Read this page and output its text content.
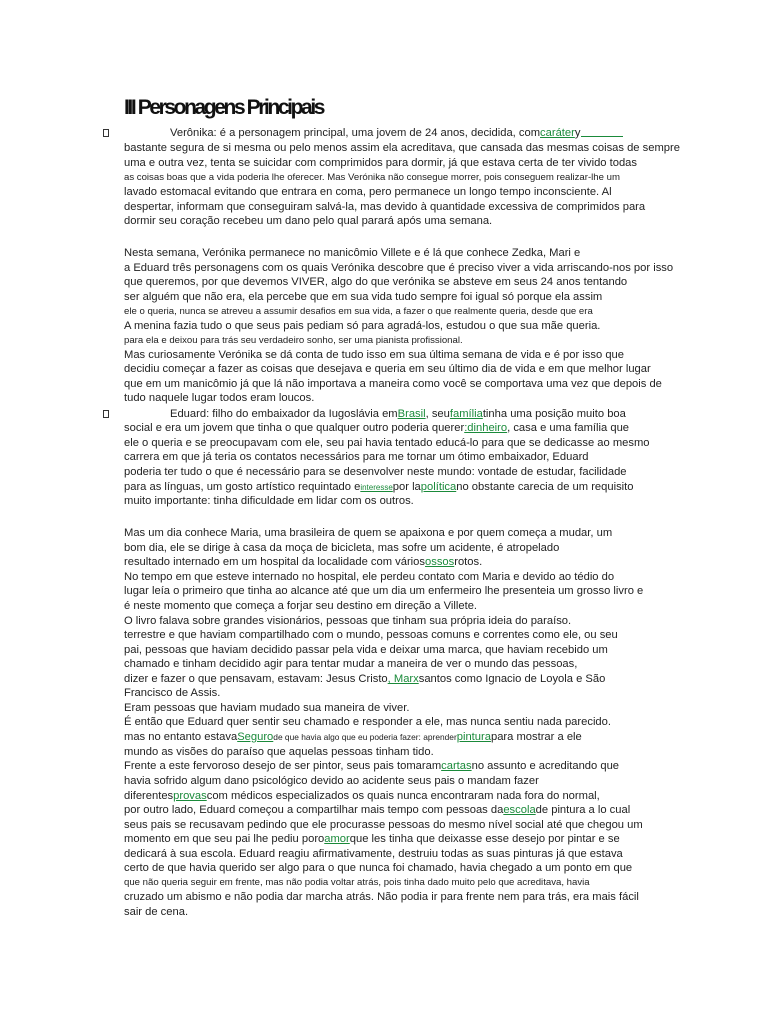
III Personagens Principais
Verônika: é a personagem principal, uma jovem de 24 anos, decidida, comcarátery
bastante segura de si mesma ou pelo menos assim ela acreditava, que cansada das mesmas coisas de sempre
uma e outra vez, tenta se suicidar com comprimidos para dormir, já que estava certa de ter vivido todas
as coisas boas que a vida poderia lhe oferecer. Mas Verónika não consegue morrer, pois conseguem realizar-lhe um
lavado estomacal evitando que entrara en coma, pero permanece un longo tempo inconsciente. Al
despertar, informam que conseguiram salvá-la, mas devido à quantidade excessiva de comprimidos para
dormir seu coração recebeu um dano pelo qual parará após uma semana.
Nesta semana, Verónika permanece no manicômio Villete e é lá que conhece Zedka, Mari e
a Eduard três personagens com os quais Verónika descobre que é preciso viver a vida arriscando-nos por isso
que queremos, por que devemos VIVER, algo do que verónika se absteve em seus 24 anos tentando
ser alguém que não era, ela percebe que em sua vida tudo sempre foi igual só porque ela assim
ele o queria, nunca se atreveu a assumir desafios em sua vida, a fazer o que realmente queria, desde que era
A menina fazia tudo o que seus pais pediam só para agradá-los, estudou o que sua mãe queria.
para ela e deixou para trás seu verdadeiro sonho, ser uma pianista profissional.
Mas curiosamente Verónika se dá conta de tudo isso em sua última semana de vida e é por isso que
decidiu começar a fazer as coisas que desejava e queria em seu último dia de vida e em que melhor lugar
que em um manicômio já que lá não importava a maneira como você se comportava uma vez que depois de
tudo naquele lugar todos eram loucos.
Eduard: filho do embaixador da Iugoslávia emBrasil, seufamíliatinha uma posição muito boa
social e era um jovem que tinha o que qualquer outro poderia querer:dinheiro, casa e uma família que
ele o queria e se preocupavam com ele, seu pai havia tentado educá-lo para que se dedicasse ao mesmo
carrera em que já teria os contatos necessários para me tornar um ótimo embaixador, Eduard
poderia ter tudo o que é necessário para se desenvolver neste mundo: vontade de estudar, facilidade
para as línguas, um gosto artístico requintado einteressepor lapolíticano obstante carecia de um requisito
muito importante: tinha dificuldade em lidar com os outros.
Mas um dia conhece Maria, uma brasileira de quem se apaixona e por quem começa a mudar, um
bom dia, ele se dirige à casa da moça de bicicleta, mas sofre um acidente, é atropelado
resultado internado em um hospital da localidade com váriosossosrotos.
No tempo em que esteve internado no hospital, ele perdeu contato com Maria e devido ao tédio do
lugar leía o primeiro que tinha ao alcance até que um dia um enfermeiro lhe presenteia um grosso livro e
é neste momento que começa a forjar seu destino em direção a Villete.
O livro falava sobre grandes visionários, pessoas que tinham sua própria ideia do paraíso.
terrestre e que haviam compartilhado com o mundo, pessoas comuns e correntes como ele, ou seu
pai, pessoas que haviam decidido passar pela vida e deixar uma marca, que haviam recebido um
chamado e tinham decidido agir para tentar mudar a maneira de ver o mundo das pessoas,
dizer e fazer o que pensavam, estavam: Jesus Cristo, Marxsantos como Ignacio de Loyola e São
Francisco de Assis.
Eram pessoas que haviam mudado sua maneira de viver.
É então que Eduard quer sentir seu chamado e responder a ele, mas nunca sentiu nada parecido.
mas no entanto estavaSegurode que havia algo que eu poderia fazer: aprenderpinturapara mostrar a ele
mundo as visões do paraíso que aquelas pessoas tinham tido.
Frente a este fervoroso desejo de ser pintor, seus pais tomaramcartasno assunto e acreditando que
havia sofrido algum dano psicológico devido ao acidente seus pais o mandam fazer
diferentesprovascom médicos especializados os quais nunca encontraram nada fora do normal,
por outro lado, Eduard começou a compartilhar mais tempo com pessoas daescolade pintura a lo cual
seus pais se recusavam pedindo que ele procurasse pessoas do mesmo nível social até que chegou um
momento em que seu pai lhe pediu poroamorque les tinha que deixasse esse desejo por pintar e se
dedicará à sua escola. Eduard reagiu afirmativamente, destruiu todas as suas pinturas já que estava
certo de que havia querido ser algo para o que nunca foi chamado, havia chegado a um ponto em que
que não queria seguir em frente, mas não podia voltar atrás, pois tinha dado muito pelo que acreditava, havia
cruzado um abismo e não podia dar marcha atrás. Não podia ir para frente nem para trás, era mais fácil
sair de cena.
